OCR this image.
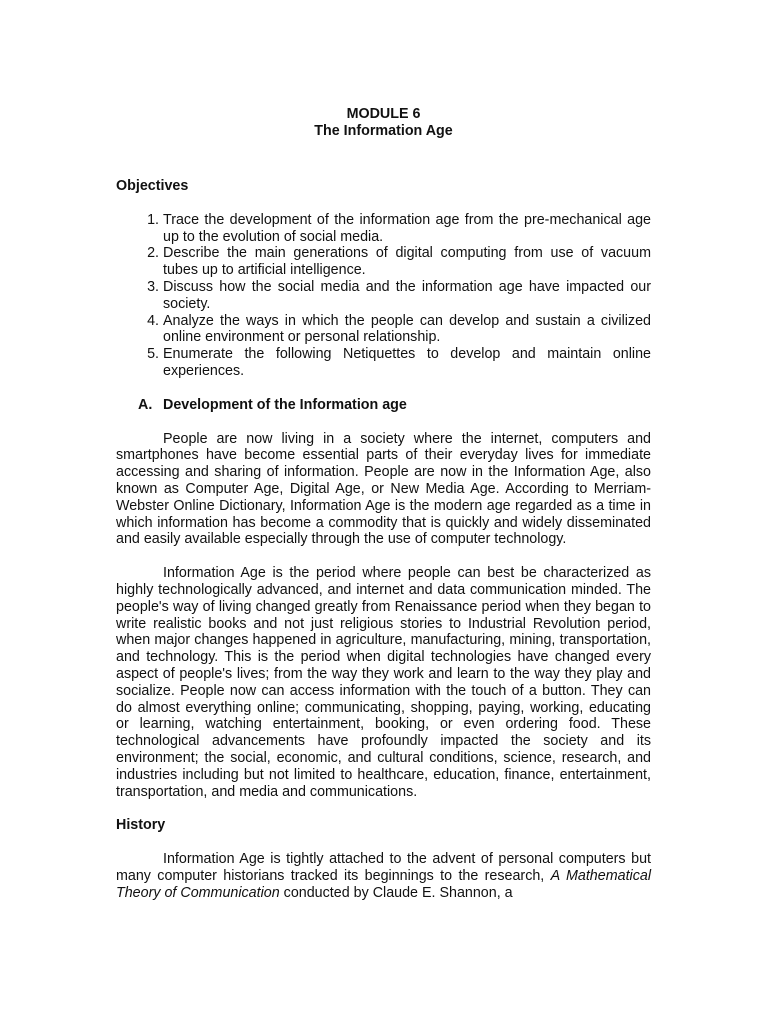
MODULE 6
The Information Age
Objectives
1. Trace the development of the information age from the pre-mechanical age up to the evolution of social media.
2. Describe the main generations of digital computing from use of vacuum tubes up to artificial intelligence.
3. Discuss how the social media and the information age have impacted our society.
4. Analyze the ways in which the people can develop and sustain a civilized online environment or personal relationship.
5. Enumerate the following Netiquettes to develop and maintain online experiences.
A. Development of the Information age

People are now living in a society where the internet, computers and smartphones have become essential parts of their everyday lives for immediate accessing and sharing of information. People are now in the Information Age, also known as Computer Age, Digital Age, or New Media Age. According to Merriam-Webster Online Dictionary, Information Age is the modern age regarded as a time in which information has become a commodity that is quickly and widely disseminated and easily available especially through the use of computer technology.

Information Age is the period where people can best be characterized as highly technologically advanced, and internet and data communication minded. The people's way of living changed greatly from Renaissance period when they began to write realistic books and not just religious stories to Industrial Revolution period, when major changes happened in agriculture, manufacturing, mining, transportation, and technology. This is the period when digital technologies have changed every aspect of people's lives; from the way they work and learn to the way they play and socialize. People now can access information with the touch of a button. They can do almost everything online; communicating, shopping, paying, working, educating or learning, watching entertainment, booking, or even ordering food. These technological advancements have profoundly impacted the society and its environment; the social, economic, and cultural conditions, science, research, and industries including but not limited to healthcare, education, finance, entertainment, transportation, and media and communications.

History

Information Age is tightly attached to the advent of personal computers but many computer historians tracked its beginnings to the research, A Mathematical Theory of Communication conducted by Claude E. Shannon, a
